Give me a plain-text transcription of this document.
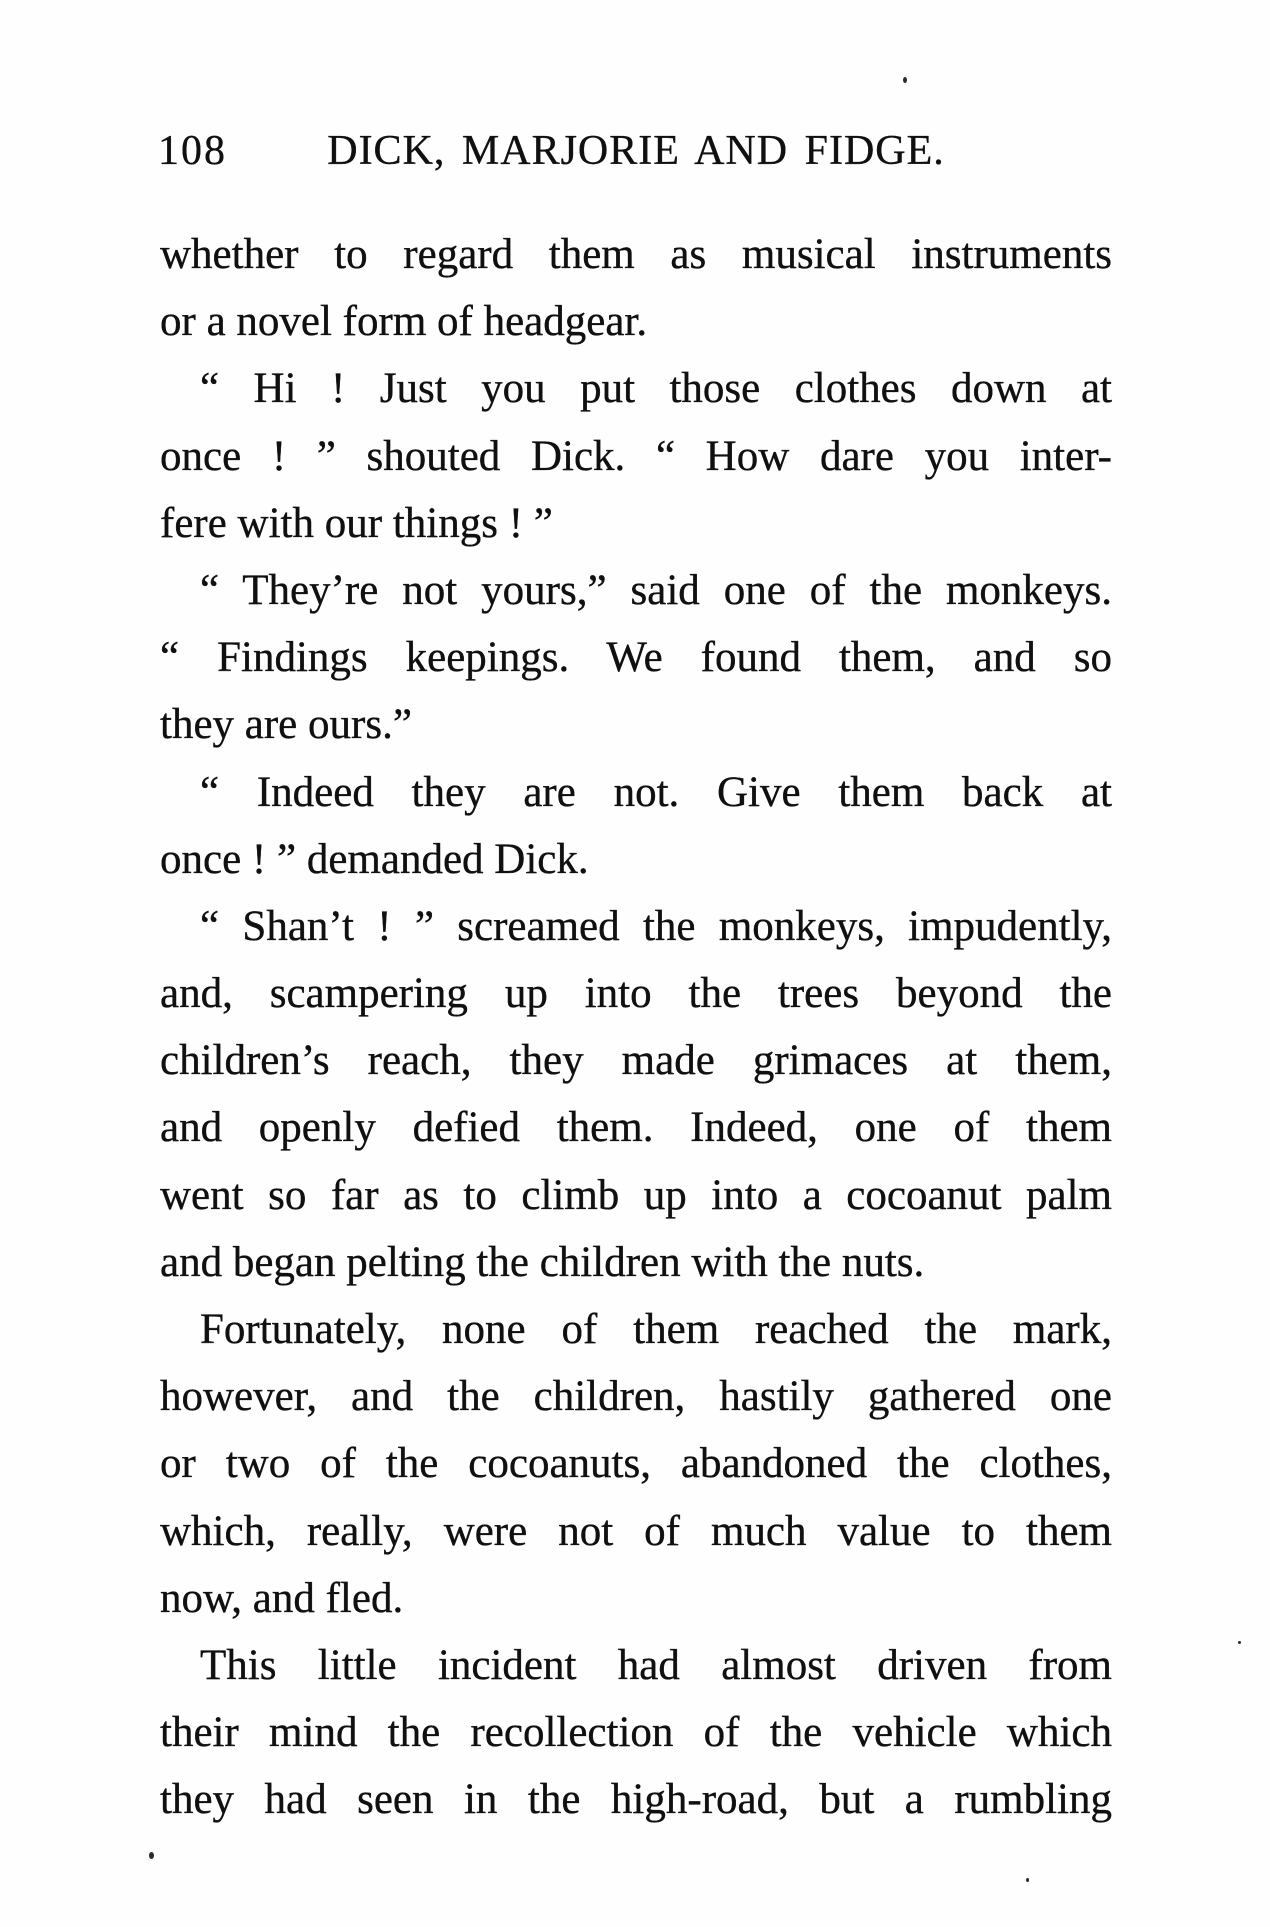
108	DICK, MARJORIE AND FIDGE.
whether to regard them as musical instruments
or a novel form of headgear.
“ Hi ! Just you put those clothes down at
once ! ” shouted Dick. “ How dare you inter-
fere with our things ! ”
“ They’re not yours,” said one of the monkeys.
“ Findings keepings. We found them, and so
they are ours.”
“ Indeed they are not. Give them back at
once ! ” demanded Dick.
“ Shan’t ! ” screamed the monkeys, impudently,
and, scampering up into the trees beyond the
children’s reach, they made grimaces at them,
and openly defied them. Indeed, one of them
went so far as to climb up into a cocoanut palm
and began pelting the children with the nuts.
Fortunately, none of them reached the mark,
however, and the children, hastily gathered one
or two of the cocoanuts, abandoned the clothes,
which, really, were not of much value to them
now, and fled.
This little incident had almost driven from
their mind the recollection of the vehicle which
they had seen in the high-road, but a rumbling
